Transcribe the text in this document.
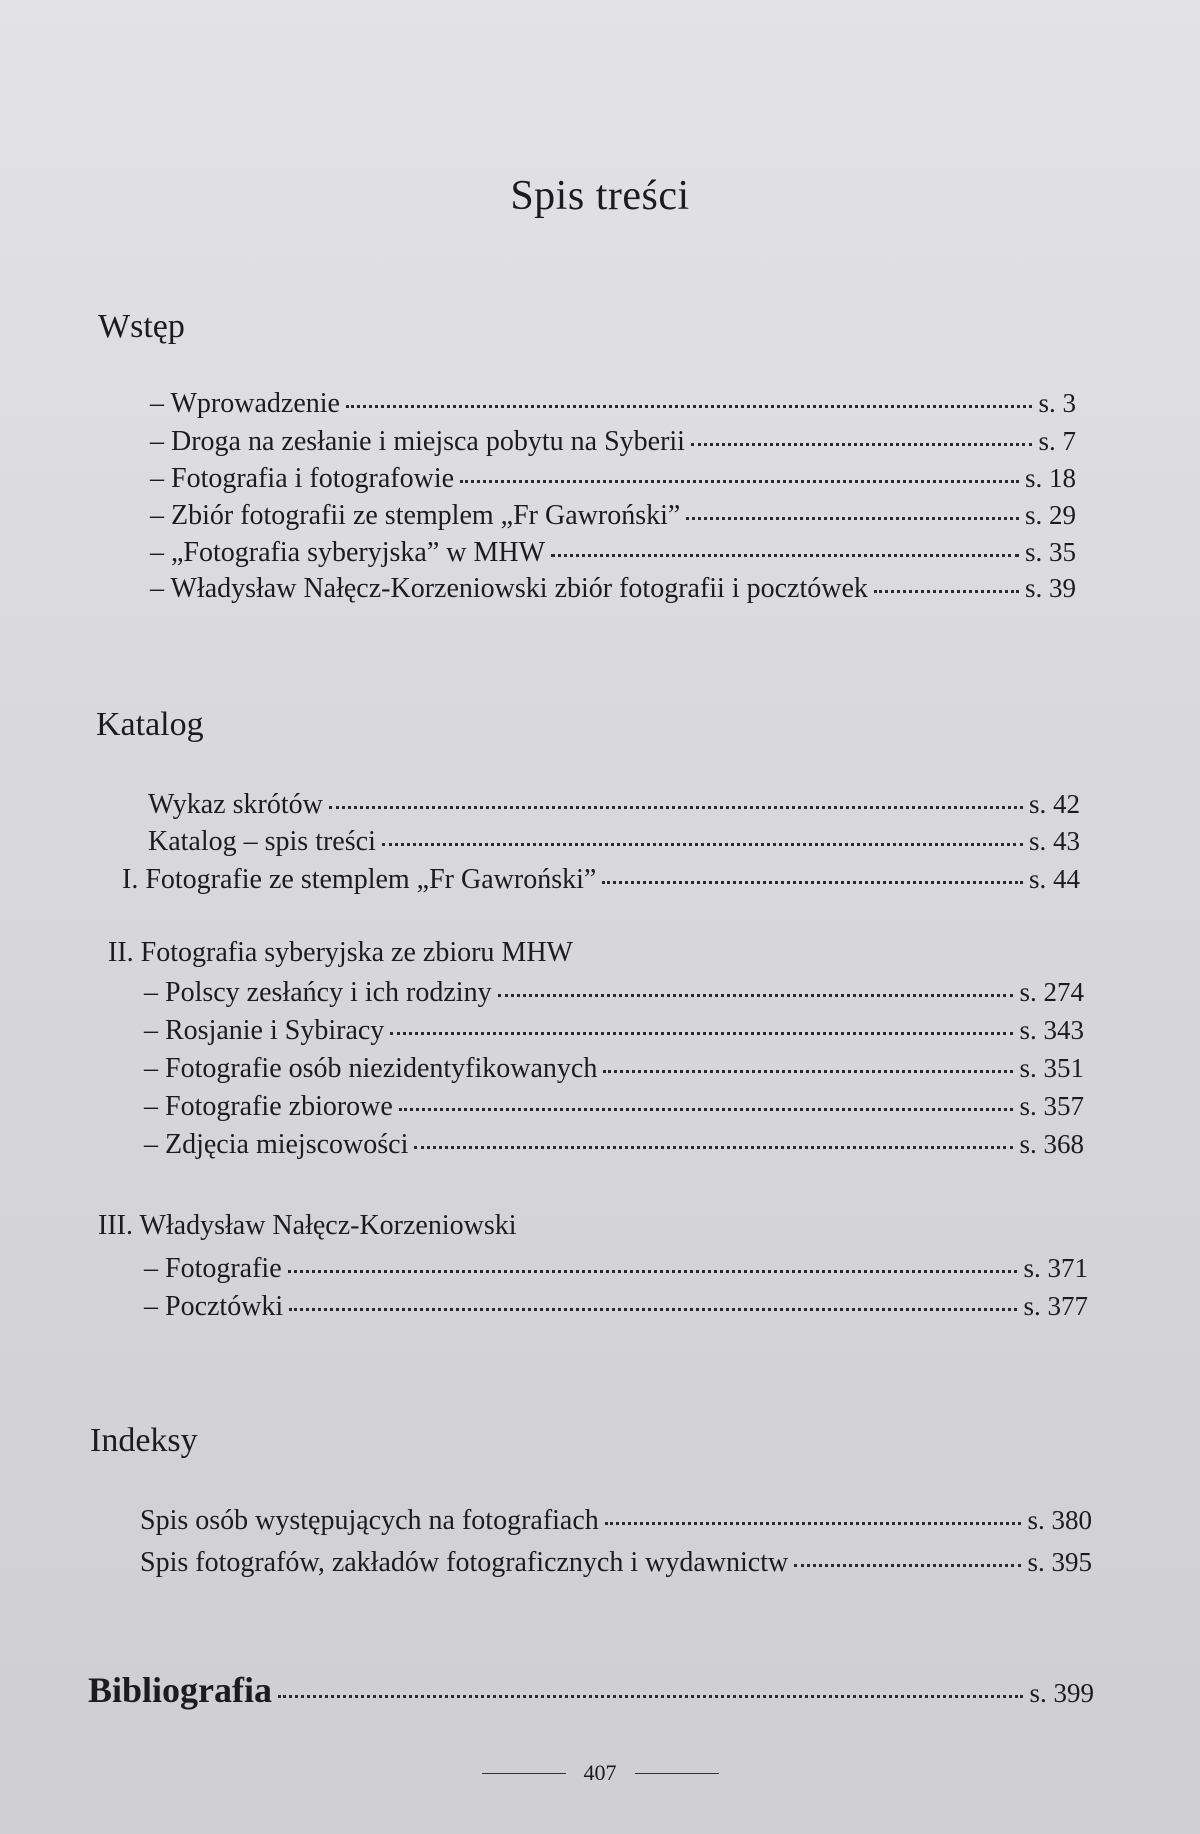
Spis treści
Wstęp
– Wprowadzenie	s. 3
– Droga na zesłanie i miejsca pobytu na Syberii	s. 7
– Fotografia i fotografowie	s. 18
– Zbiór fotografii ze stemplem „Fr Gawroński”	s. 29
– „Fotografia syberyjska” w MHW	s. 35
– Władysław Nałęcz-Korzeniowski zbiór fotografii i pocztówek	s. 39
Katalog
Wykaz skrótów	s. 42
Katalog – spis treści	s. 43
I. Fotografie ze stemplem „Fr Gawroński”	s. 44
II. Fotografia syberyjska ze zbioru MHW
– Polscy zesłańcy i ich rodziny	s. 274
– Rosjanie i Sybiracy	s. 343
– Fotografie osób niezidentyfikowanych	s. 351
– Fotografie zbiorowe	s. 357
– Zdjęcia miejscowości	s. 368
III. Władysław Nałęcz-Korzeniowski
– Fotografie	s. 371
– Pocztówki	s. 377
Indeksy
Spis osób występujących na fotografiach	s. 380
Spis fotografów, zakładów fotograficznych i wydawnictw	s. 395
Bibliografia	s. 399
407
